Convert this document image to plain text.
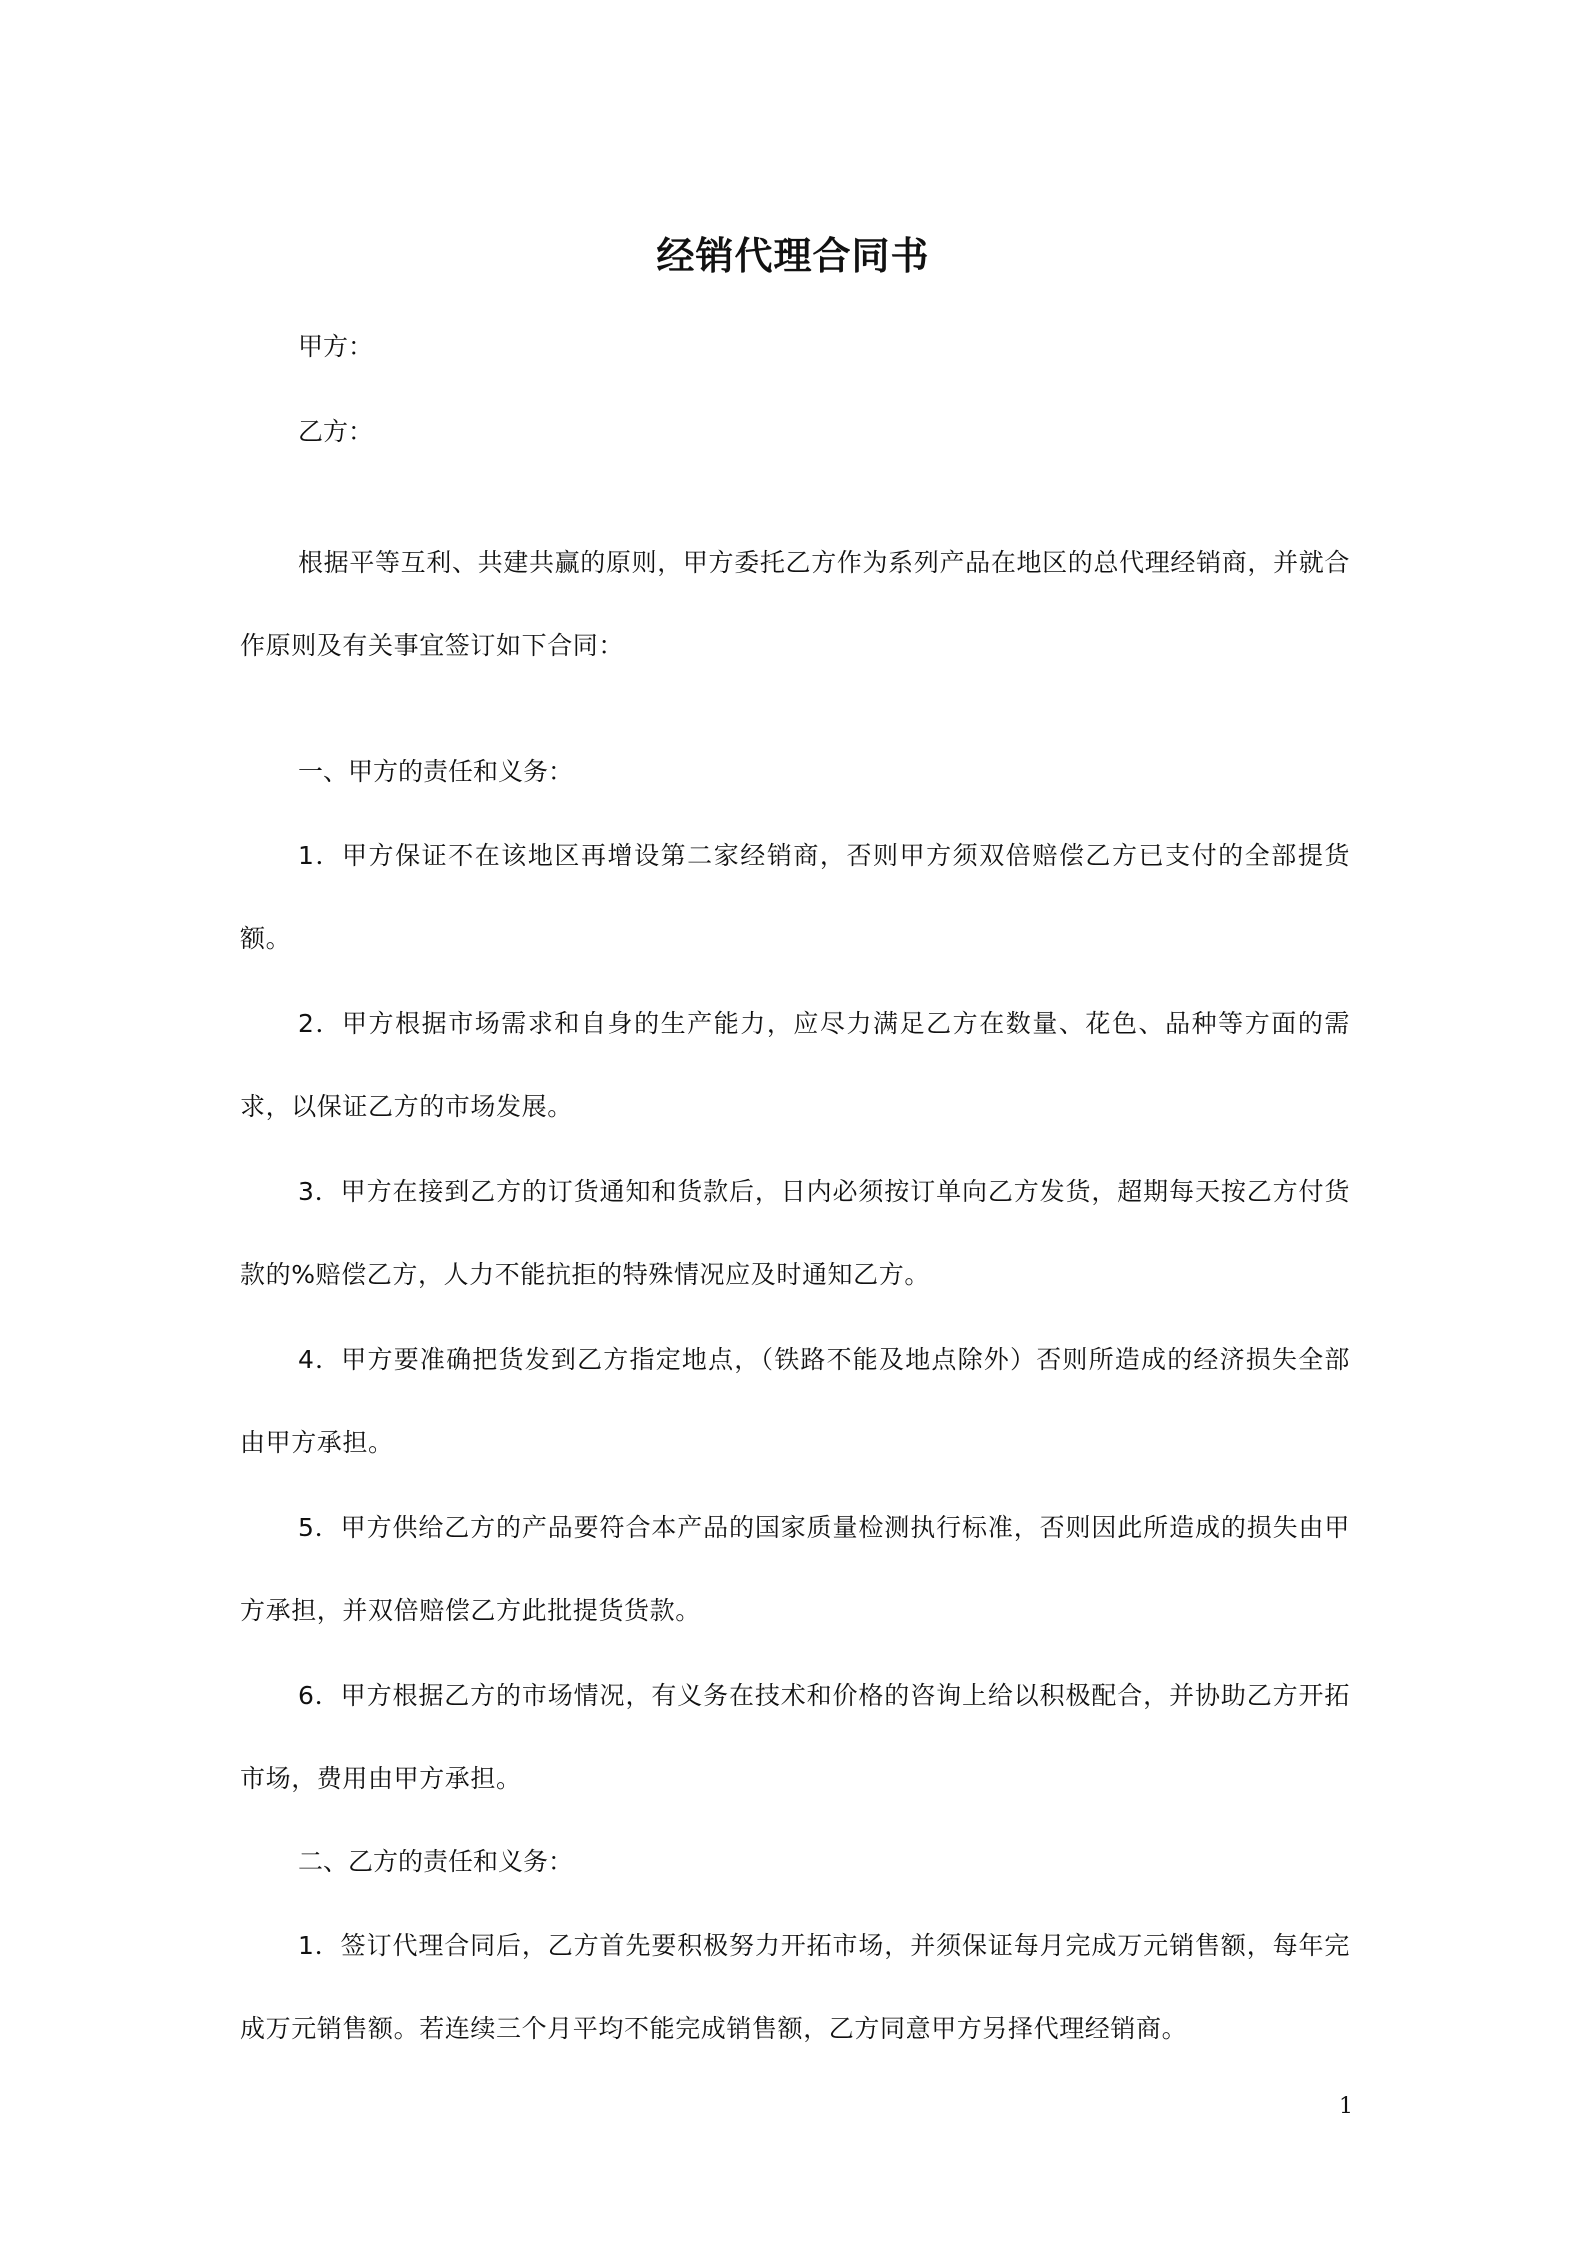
经销代理合同书
甲方：
乙方：
根据平等互利、共建共赢的原则，甲方委托乙方作为系列产品在地区的总代理经销商，并就合作原则及有关事宜签订如下合同：
一、甲方的责任和义务：
1．甲方保证不在该地区再增设第二家经销商，否则甲方须双倍赔偿乙方已支付的全部提货额。
2．甲方根据市场需求和自身的生产能力，应尽力满足乙方在数量、花色、品种等方面的需求，以保证乙方的市场发展。
3．甲方在接到乙方的订货通知和货款后，日内必须按订单向乙方发货，超期每天按乙方付货款的%赔偿乙方，人力不能抗拒的特殊情况应及时通知乙方。
4．甲方要准确把货发到乙方指定地点，（铁路不能及地点除外）否则所造成的经济损失全部由甲方承担。
5．甲方供给乙方的产品要符合本产品的国家质量检测执行标准，否则因此所造成的损失由甲方承担，并双倍赔偿乙方此批提货货款。
6．甲方根据乙方的市场情况，有义务在技术和价格的咨询上给以积极配合，并协助乙方开拓市场，费用由甲方承担。
二、乙方的责任和义务：
1．签订代理合同后，乙方首先要积极努力开拓市场，并须保证每月完成万元销售额，每年完成万元销售额。若连续三个月平均不能完成销售额，乙方同意甲方另择代理经销商。
1
